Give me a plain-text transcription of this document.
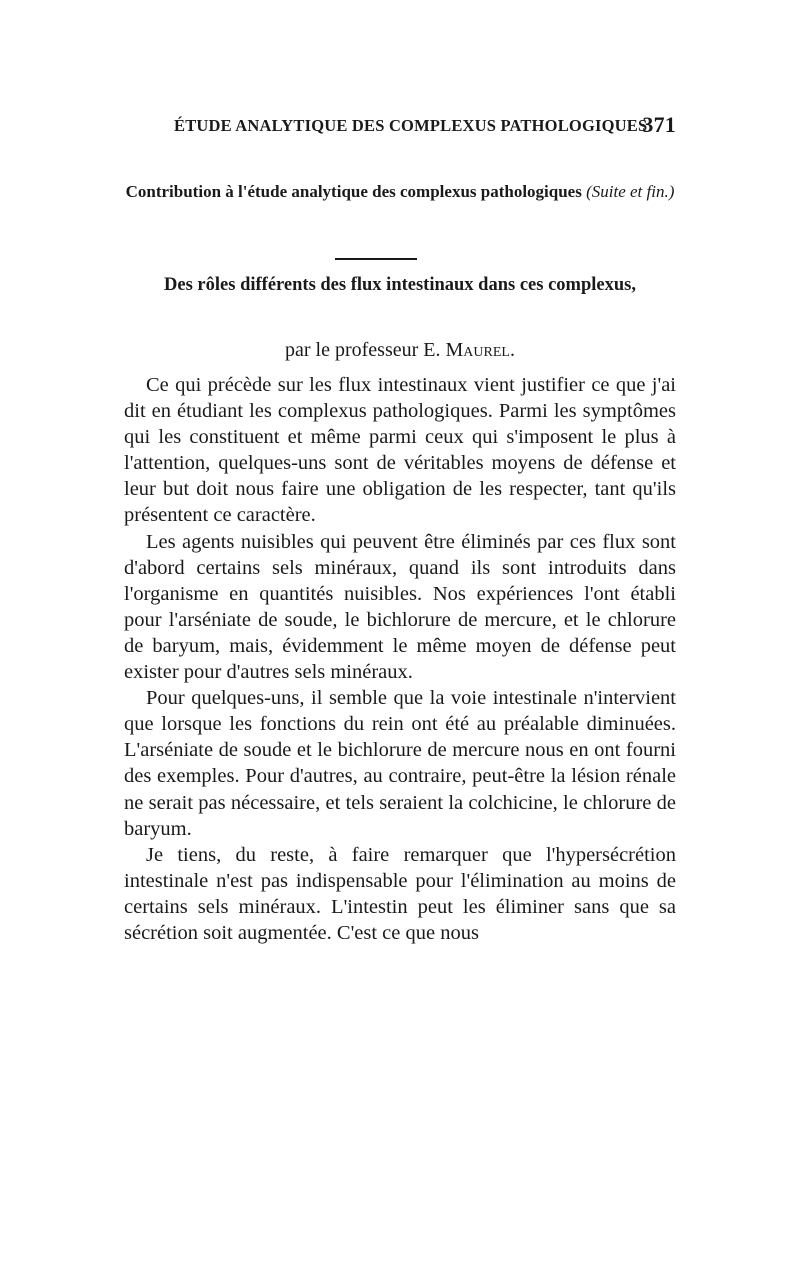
ÉTUDE ANALYTIQUE DES COMPLEXUS PATHOLOGIQUES
371
Contribution à l'étude analytique des complexus pathologiques (Suite et fin.)
Des rôles différents des flux intestinaux dans ces complexus,
par le professeur E. Maurel.

Ce qui précède sur les flux intestinaux vient justifier ce que j'ai dit en étudiant les complexus pathologiques. Parmi les symptômes qui les constituent et même parmi ceux qui s'imposent le plus à l'attention, quelques-uns sont de véritables moyens de défense et leur but doit nous faire une obligation de les respecter, tant qu'ils présentent ce caractère.

Les agents nuisibles qui peuvent être éliminés par ces flux sont d'abord certains sels minéraux, quand ils sont introduits dans l'organisme en quantités nuisibles. Nos expériences l'ont établi pour l'arséniate de soude, le bichlorure de mercure, et le chlorure de baryum, mais, évidemment le même moyen de défense peut exister pour d'autres sels minéraux.

Pour quelques-uns, il semble que la voie intestinale n'intervient que lorsque les fonctions du rein ont été au préalable diminuées. L'arséniate de soude et le bichlorure de mercure nous en ont fourni des exemples. Pour d'autres, au contraire, peut-être la lésion rénale ne serait pas nécessaire, et tels seraient la colchicine, le chlorure de baryum.

Je tiens, du reste, à faire remarquer que l'hypersécrétion intestinale n'est pas indispensable pour l'élimination au moins de certains sels minéraux. L'intestin peut les éliminer sans que sa sécrétion soit augmentée. C'est ce que nous
